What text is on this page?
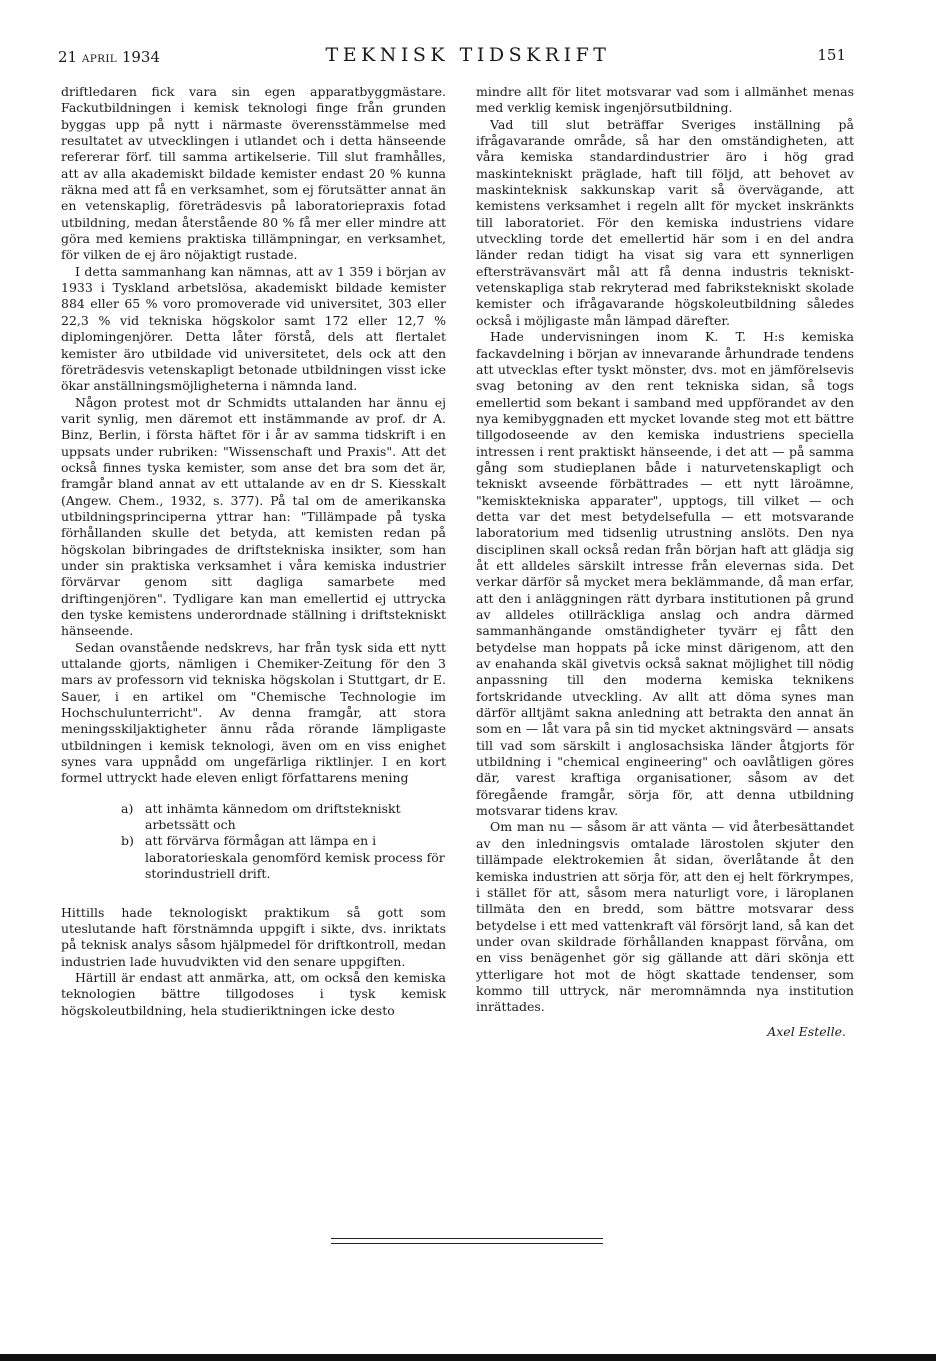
21 APRIL 1934	TEKNISK TIDSKRIFT	151

driftledaren fick vara sin egen apparatbyggmästare. Fackutbildningen i kemisk teknologi finge från grunden byggas upp på nytt i närmaste överensstämmelse med resultatet av utvecklingen i utlandet och i detta hänseende refererar förf. till samma artikelserie. Till slut framhålles, att av alla akademiskt bildade kemister endast 20 % kunna räkna med att få en verksamhet, som ej förutsätter annat än en vetenskaplig, företrädesvis på laboratoriepraxis fotad utbildning, medan återstående 80 % få mer eller mindre att göra med kemiens praktiska tillämpningar, en verksamhet, för vilken de ej äro nöjaktigt rustade.

I detta sammanhang kan nämnas, att av 1 359 i början av 1933 i Tyskland arbetslösa, akademiskt bildade kemister 884 eller 65 % voro promoverade vid universitet, 303 eller 22,3 % vid tekniska högskolor samt 172 eller 12,7 % diplomingenjörer. Detta låter förstå, dels att flertalet kemister äro utbildade vid universitetet, dels ock att den företrädesvis vetenskapligt betonade utbildningen visst icke ökar anställningsmöjligheterna i nämnda land.

Någon protest mot dr Schmidts uttalanden har ännu ej varit synlig, men däremot ett instämmande av prof. dr A. Binz, Berlin, i första häftet för i år av samma tidskrift i en uppsats under rubriken: "Wissenschaft und Praxis". Att det också finnes tyska kemister, som anse det bra som det är, framgår bland annat av ett uttalande av en dr S. Kiesskalt (Angew. Chem., 1932, s. 377). På tal om de amerikanska utbildningsprinciperna yttrar han: "Tillämpade på tyska förhållanden skulle det betyda, att kemisten redan på högskolan bibringades de driftstekniska insikter, som han under sin praktiska verksamhet i våra kemiska industrier förvärvar genom sitt dagliga samarbete med driftingenjören". Tydligare kan man emellertid ej uttrycka den tyske kemistens underordnade ställning i driftstekniskt hänseende.

Sedan ovanstående nedskrevs, har från tysk sida ett nytt uttalande gjorts, nämligen i Chemiker-Zeitung för den 3 mars av professorn vid tekniska högskolan i Stuttgart, dr E. Sauer, i en artikel om "Chemische Technologie im Hochschulunterricht". Av denna framgår, att stora meningsskiljaktigheter ännu råda rörande lämpligaste utbildningen i kemisk teknologi, även om en viss enighet synes vara uppnådd om ungefärliga riktlinjer. I en kort formel uttryckt hade eleven enligt författarens mening

a) att inhämta kännedom om driftstekniskt arbetssätt och
b) att förvärva förmågan att lämpa en i laboratorieskala genomförd kemisk process för storindustriell drift.

Hittills hade teknologiskt praktikum så gott som uteslutande haft förstnämnda uppgift i sikte, dvs. inriktats på teknisk analys såsom hjälpmedel för driftkontroll, medan industrien lade huvudvikten vid den senare uppgiften.

Härtill är endast att anmärka, att, om också den kemiska teknologien bättre tillgodoses i tysk kemisk högskoleutbildning, hela studieriktningen icke desto

mindre allt för litet motsvarar vad som i allmänhet menas med verklig kemisk ingenjörsutbildning.

Vad till slut beträffar Sveriges inställning på ifrågavarande område, så har den omständigheten, att våra kemiska standardindustrier äro i hög grad maskintekniskt präglade, haft till följd, att behovet av maskinteknisk sakkunskap varit så övervägande, att kemistens verksamhet i regeln allt för mycket inskränkts till laboratoriet. För den kemiska industriens vidare utveckling torde det emellertid här som i en del andra länder redan tidigt ha visat sig vara ett synnerligen eftersträvansvärt mål att få denna industris tekniskt-vetenskapliga stab rekryterad med fabrikstekniskt skolade kemister och ifrågavarande högskoleutbildning således också i möjligaste mån lämpad därefter.

Hade undervisningen inom K. T. H:s kemiska fackavdelning i början av innevarande århundrade tendens att utvecklas efter tyskt mönster, dvs. mot en jämförelsevis svag betoning av den rent tekniska sidan, så togs emellertid som bekant i samband med uppförandet av den nya kemibyggnaden ett mycket lovande steg mot ett bättre tillgodoseende av den kemiska industriens speciella intressen i rent praktiskt hänseende, i det att — på samma gång som studieplanen både i naturvetenskapligt och tekniskt avseende förbättrades — ett nytt läroämne, "kemisktekniska apparater", upptogs, till vilket — och detta var det mest betydelsefulla — ett motsvarande laboratorium med tidsenlig utrustning anslöts. Den nya disciplinen skall också redan från början haft att glädja sig åt ett alldeles särskilt intresse från elevernas sida. Det verkar därför så mycket mera beklämmande, då man erfar, att den i anläggningen rätt dyrbara institutionen på grund av alldeles otillräckliga anslag och andra därmed sammanhängande omständigheter tyvärr ej fått den betydelse man hoppats på icke minst därigenom, att den av enahanda skäl givetvis också saknat möjlighet till nödig anpassning till den moderna kemiska teknikens fortskridande utveckling. Av allt att döma synes man därför alltjämt sakna anledning att betrakta den annat än som en — låt vara på sin tid mycket aktningsvärd — ansats till vad som särskilt i anglosachsiska länder åtgjorts för utbildning i "chemical engineering" och oavlåtligen göres där, varest kraftiga organisationer, såsom av det föregående framgår, sörja för, att denna utbildning motsvarar tidens krav.

Om man nu — såsom är att vänta — vid återbesättandet av den inledningsvis omtalade lärostolen skjuter den tillämpade elektrokemien åt sidan, överlåtande åt den kemiska industrien att sörja för, att den ej helt förkrympes, i stället för att, såsom mera naturligt vore, i läroplanen tillmäta den en bredd, som bättre motsvarar dess betydelse i ett med vattenkraft väl försörjt land, så kan det under ovan skildrade förhållanden knappast förvåna, om en viss benägenhet gör sig gällande att däri skönja ett ytterligare hot mot de högt skattade tendenser, som kommo till uttryck, när meromnämnda nya institution inrättades.

Axel Estelle.
